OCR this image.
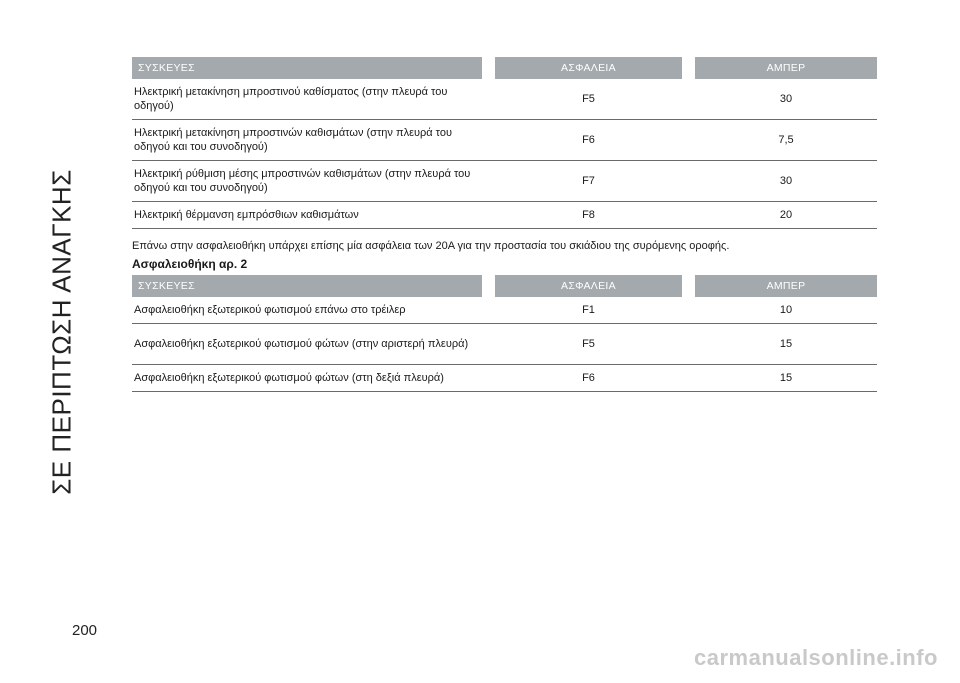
ΣΕ ΠΕΡΙΠΤΩΣΗ ΑΝΑΓΚΗΣ
ΣΥΣΚΕΥΕΣ	ΑΣΦΑΛΕΙΑ	ΑΜΠΕΡ
Ηλεκτρική μετακίνηση μπροστινού καθίσματος (στην πλευρά του οδηγού)	F5	30
Ηλεκτρική μετακίνηση μπροστινών καθισμάτων (στην πλευρά του οδηγού και του συνοδηγού)	F6	7,5
Ηλεκτρική ρύθμιση μέσης μπροστινών καθισμάτων (στην πλευρά του οδηγού και του συνοδηγού)	F7	30
Ηλεκτρική θέρμανση εμπρόσθιων καθισμάτων	F8	20
Επάνω στην ασφαλειοθήκη υπάρχει επίσης μία ασφάλεια των 20A για την προστασία του σκιάδιου της συρόμενης οροφής.
Ασφαλειοθήκη αρ. 2
ΣΥΣΚΕΥΕΣ	ΑΣΦΑΛΕΙΑ	ΑΜΠΕΡ
Ασφαλειοθήκη εξωτερικού φωτισμού επάνω στο τρέιλερ	F1	10
Ασφαλειοθήκη εξωτερικού φωτισμού φώτων (στην αριστερή πλευρά)	F5	15
Ασφαλειοθήκη εξωτερικού φωτισμού φώτων (στη δεξιά πλευρά)	F6	15
200
carmanualsonline.info
